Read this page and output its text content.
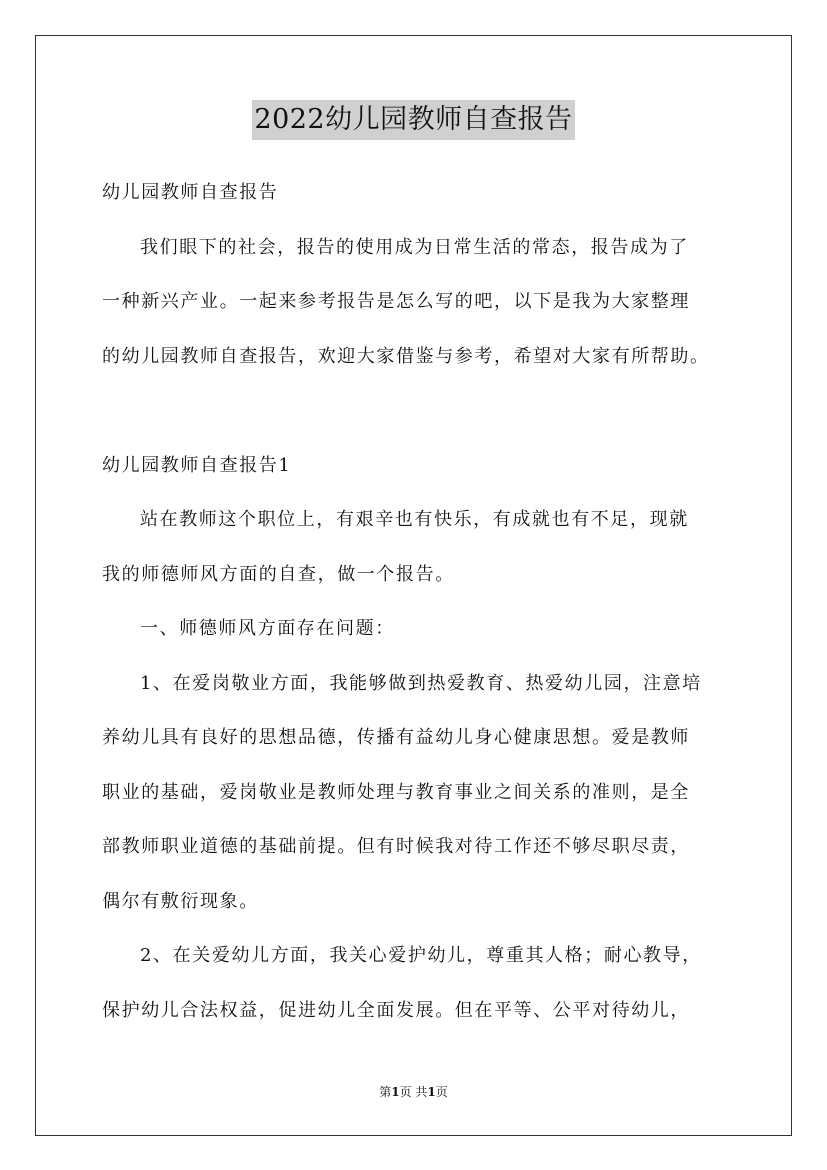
2022幼儿园教师自查报告

幼儿园教师自查报告

我们眼下的社会，报告的使用成为日常生活的常态，报告成为了

一种新兴产业。一起来参考报告是怎么写的吧，以下是我为大家整理

的幼儿园教师自查报告，欢迎大家借鉴与参考，希望对大家有所帮助。

幼儿园教师自查报告1

站在教师这个职位上，有艰辛也有快乐，有成就也有不足，现就

我的师德师风方面的自查，做一个报告。

一、师德师风方面存在问题：

1、在爱岗敬业方面，我能够做到热爱教育、热爱幼儿园，注意培

养幼儿具有良好的思想品德，传播有益幼儿身心健康思想。爱是教师

职业的基础，爱岗敬业是教师处理与教育事业之间关系的准则，是全

部教师职业道德的基础前提。但有时候我对待工作还不够尽职尽责，

偶尔有敷衍现象。

2、在关爱幼儿方面，我关心爱护幼儿，尊重其人格；耐心教导，

保护幼儿合法权益，促进幼儿全面发展。但在平等、公平对待幼儿，

第1页 共1页
